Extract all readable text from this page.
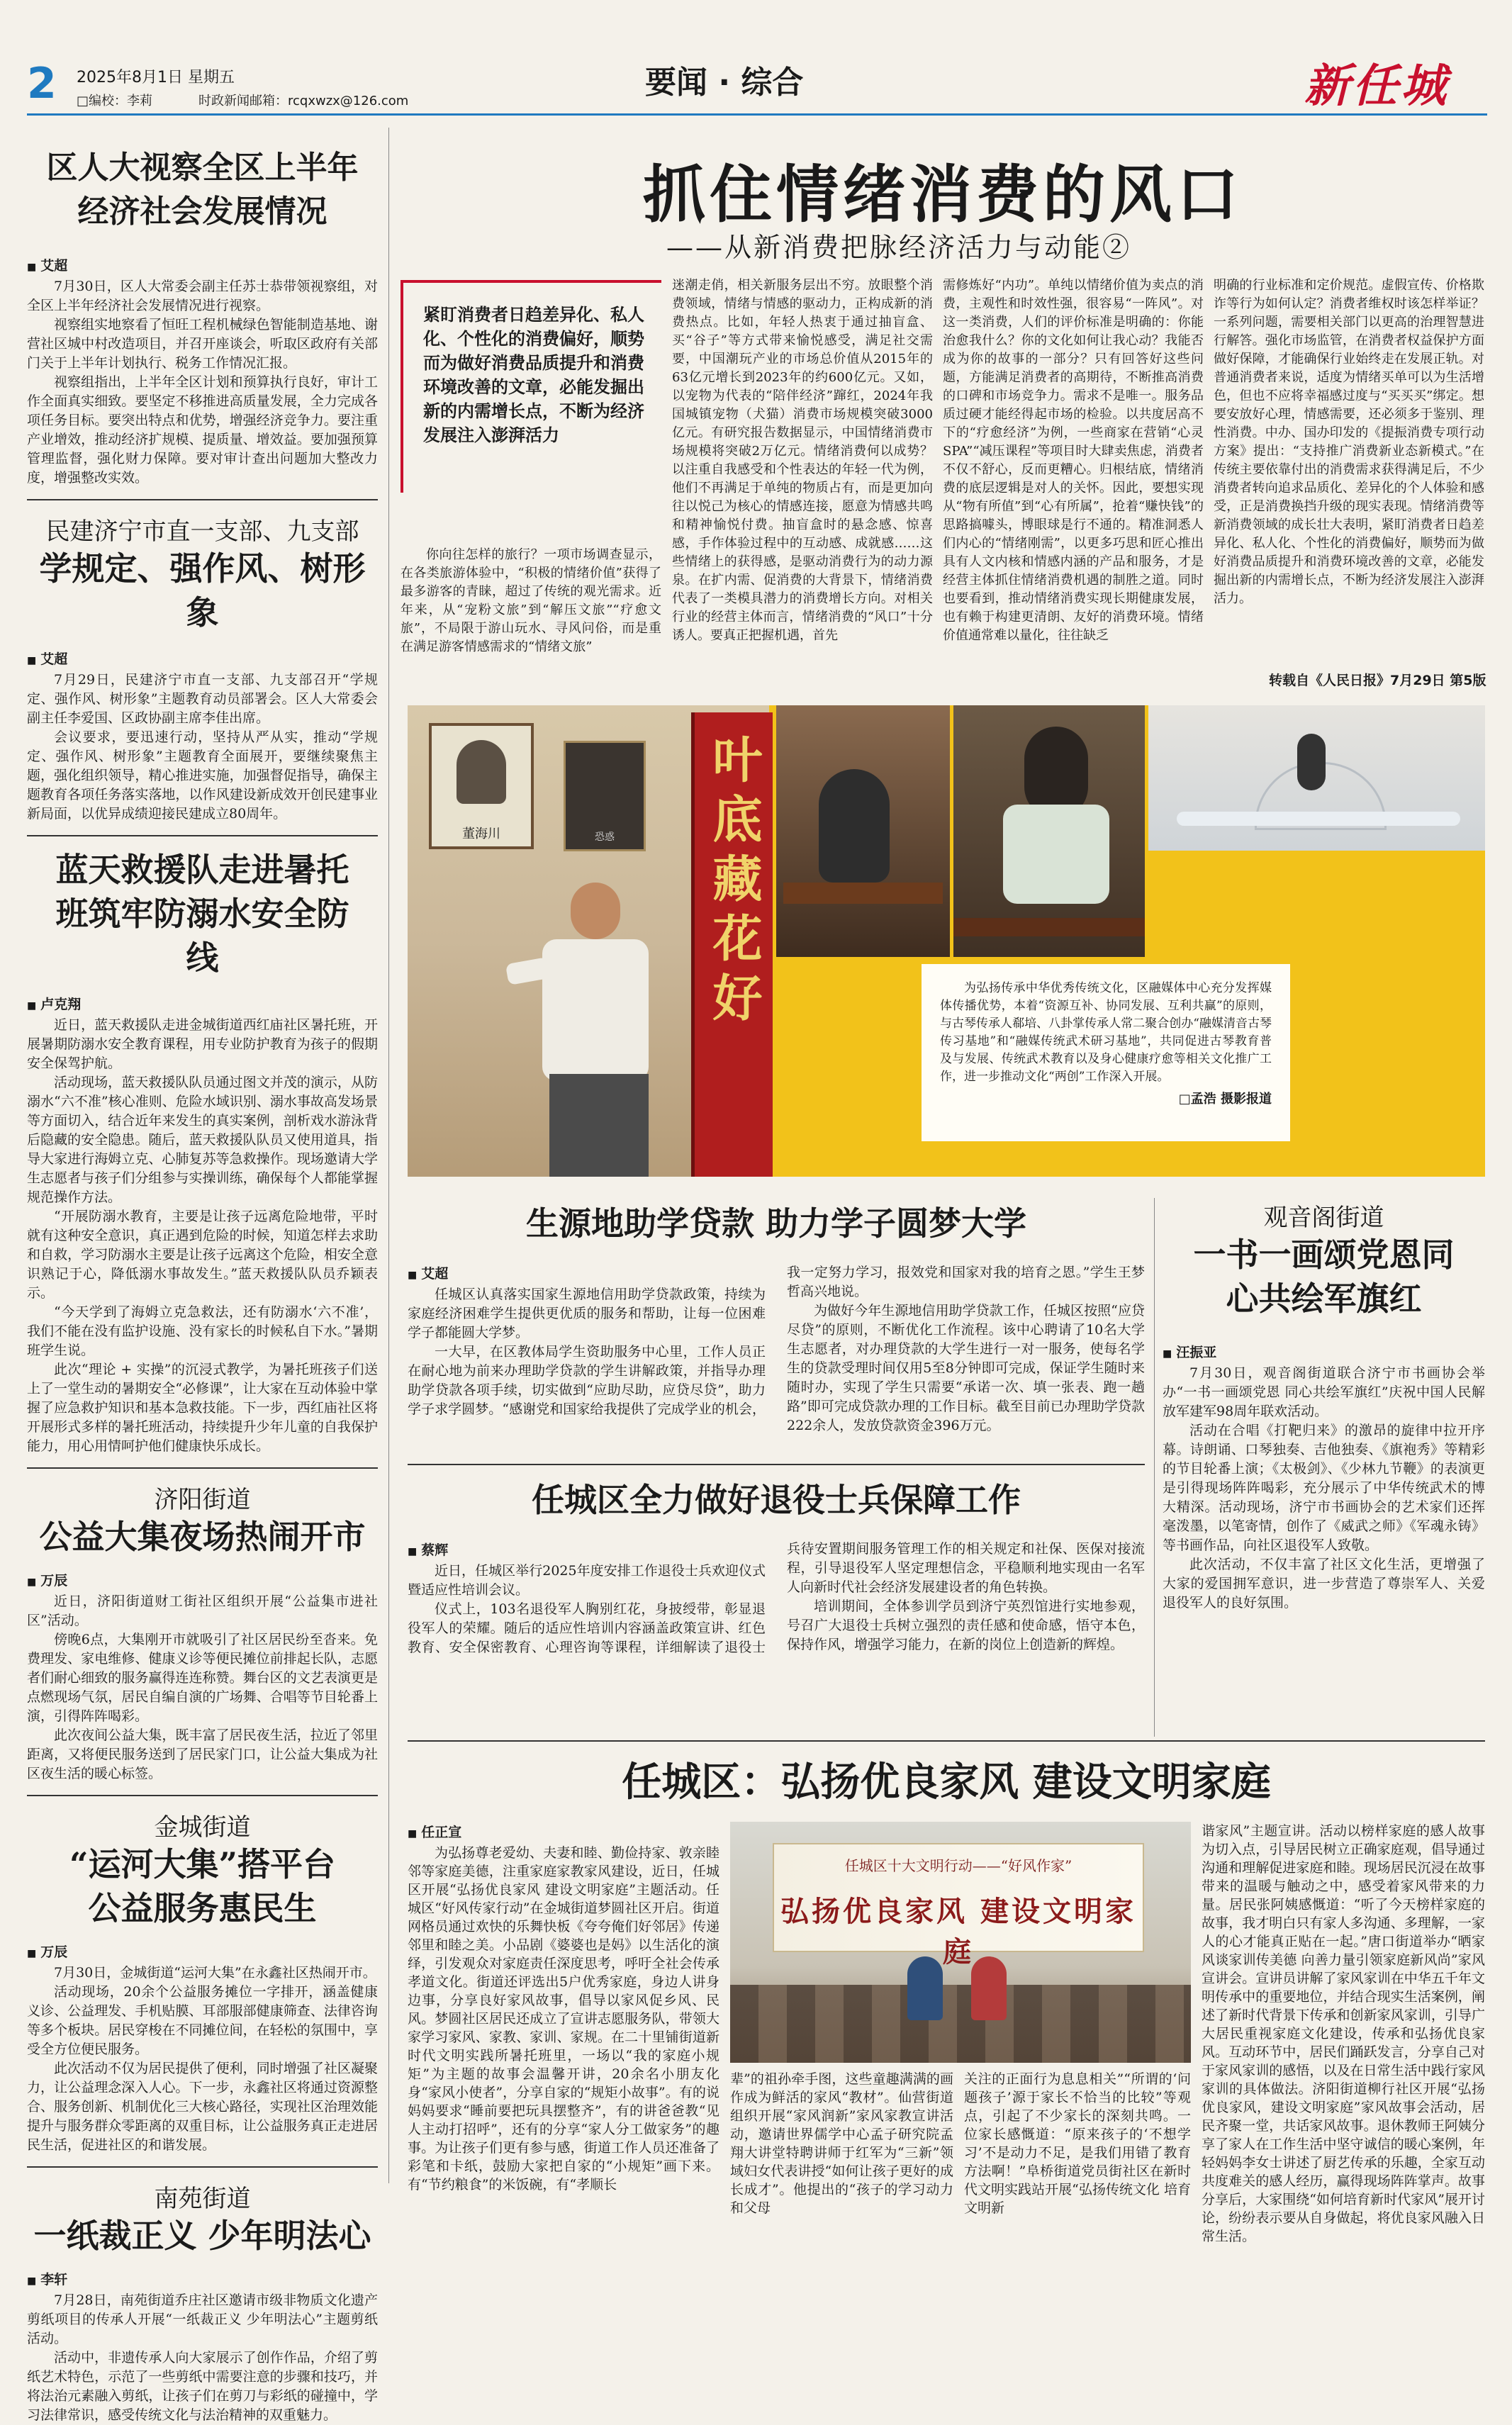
2 2025年8月1日 星期五
□编校：李莉	时政新闻邮箱：rcqxwzx@126.com
要闻 · 综合	新任城
区人大视察全区上半年经济社会发展情况

■ 艾超

7月30日，区人大常委会副主任苏士恭带领视察组，对全区上半年经济社会发展情况进行视察。

视察组实地察看了恒旺工程机械绿色智能制造基地、谢营社区城中村改造项目，并召开座谈会，听取区政府有关部门关于上半年计划执行、税务工作情况汇报。

视察组指出，上半年全区计划和预算执行良好，审计工作全面真实细致。要坚定不移推进高质量发展，全力完成各项任务目标。要突出特点和优势，增强经济竞争力。要注重产业增效，推动经济扩规模、提质量、增效益。要加强预算管理监督，强化财力保障。要对审计查出问题加大整改力度，增强整改实效。

民建济宁市直一支部、九支部

学规定、强作风、树形象

■ 艾超

7月29日，民建济宁市直一支部、九支部召开“学规定、强作风、树形象”主题教育动员部署会。区人大常委会副主任李爱国、区政协副主席李佳出席。

会议要求，要迅速行动，坚持从严从实，推动“学规定、强作风、树形象”主题教育全面展开，要继续聚焦主题，强化组织领导，精心推进实施，加强督促指导，确保主题教育各项任务落实落地，以作风建设新成效开创民建事业新局面，以优异成绩迎接民建成立80周年。

蓝天救援队走进暑托班筑牢防溺水安全防线

■ 卢克翔

近日，蓝天救援队走进金城街道西红庙社区暑托班，开展暑期防溺水安全教育课程，用专业防护教育为孩子的假期安全保驾护航。

活动现场，蓝天救援队队员通过图文并茂的演示，从防溺水“六不准”核心准则、危险水域识别、溺水事故高发场景等方面切入，结合近年来发生的真实案例，剖析戏水游泳背后隐藏的安全隐患。随后，蓝天救援队队员又使用道具，指导大家进行海姆立克、心肺复苏等急救操作。现场邀请大学生志愿者与孩子们分组参与实操训练，确保每个人都能掌握规范操作方法。

“开展防溺水教育，主要是让孩子远离危险地带，平时就有这种安全意识，真正遇到危险的时候，知道怎样去求助和自救，学习防溺水主要是让孩子远离这个危险，相安全意识熟记于心，降低溺水事故发生。”蓝天救援队队员乔颖表示。

“今天学到了海姆立克急救法，还有防溺水‘六不准’，我们不能在没有监护设施、没有家长的时候私自下水。”暑期班学生说。

此次“理论 + 实操”的沉浸式教学，为暑托班孩子们送上了一堂生动的暑期安全“必修课”，让大家在互动体验中掌握了应急救护知识和基本急救技能。下一步，西红庙社区将开展形式多样的暑托班活动，持续提升少年儿童的自我保护能力，用心用情呵护他们健康快乐成长。

济阳街道

公益大集夜场热闹开市

■ 万辰

近日，济阳街道财工街社区组织开展“公益集市进社区”活动。

傍晚6点，大集刚开市就吸引了社区居民纷至沓来。免费理发、家电维修、健康义诊等便民摊位前排起长队，志愿者们耐心细致的服务赢得连连称赞。舞台区的文艺表演更是点燃现场气氛，居民自编自演的广场舞、合唱等节目轮番上演，引得阵阵喝彩。

此次夜间公益大集，既丰富了居民夜生活，拉近了邻里距离，又将便民服务送到了居民家门口，让公益大集成为社区夜生活的暖心标签。

金城街道

“运河大集”搭平台公益服务惠民生

■ 万辰

7月30日，金城街道“运河大集”在永鑫社区热闹开市。

活动现场，20余个公益服务摊位一字排开，涵盖健康义诊、公益理发、手机贴膜、耳部服部健康筛查、法律咨询等多个板块。居民穿梭在不同摊位间，在轻松的氛围中，享受全方位便民服务。

此次活动不仅为居民提供了便利，同时增强了社区凝聚力，让公益理念深入人心。下一步，永鑫社区将通过资源整合、服务创新、机制优化三大核心路径，实现社区治理效能提升与服务群众零距离的双重目标，让公益服务真正走进居民生活，促进社区的和谐发展。

南苑街道

一纸裁正义 少年明法心

■ 李轩

7月28日，南苑街道乔庄社区邀请市级非物质文化遗产剪纸项目的传承人开展“一纸裁正义 少年明法心”主题剪纸活动。

活动中，非遗传承人向大家展示了创作作品，介绍了剪纸艺术特色，示范了一些剪纸中需要注意的步骤和技巧，并将法治元素融入剪纸，让孩子们在剪刀与彩纸的碰撞中，学习法律常识，感受传统文化与法治精神的双重魅力。

抓住情绪消费的风口
——从新消费把脉经济活力与动能②
紧盯消费者日趋差异化、私人化、个性化的消费偏好，顺势而为做好消费品质提升和消费环境改善的文章，必能发掘出新的内需增长点，不断为经济发展注入澎湃活力

你向往怎样的旅行？一项市场调查显示，在各类旅游体验中，“积极的情绪价值”获得了最多游客的青睐，超过了传统的观光需求。近年来，从“宠粉文旅”到“解压文旅”“疗愈文旅”，不局限于游山玩水、寻风问俗，而是重在满足游客情感需求的“情绪文旅”

迷潮走俏，相关新服务层出不穷。放眼整个消费领域，情绪与情感的驱动力，正构成新的消费热点。比如，年轻人热衷于通过抽盲盒、买“谷子”等方式带来愉悦感受，满足社交需要，中国潮玩产业的市场总价值从2015年的63亿元增长到2023年的约600亿元。又如，以宠物为代表的“陪伴经济”蹿红，2024年我国城镇宠物（犬猫）消费市场规模突破3000亿元。有研究报告数据显示，中国情绪消费市场规模将突破2万亿元。情绪消费何以成势？以注重自我感受和个性表达的年轻一代为例，他们不再满足于单纯的物质占有，而是更加向往以悦己为核心的情感连接，愿意为情感共鸣和精神愉悦付费。抽盲盒时的悬念感、惊喜感，手作体验过程中的互动感、成就感……这些情绪上的获得感，是驱动消费行为的动力源泉。在扩内需、促消费的大背景下，情绪消费代表了一类模具潜力的消费增长方向。对相关行业的经营主体而言，情绪消费的“风口”十分诱人。要真正把握机遇，首先

需修炼好“内功”。单纯以情绪价值为卖点的消费，主观性和时效性强，很容易“一阵风”。对这一类消费，人们的评价标准是明确的：你能治愈我什么？你的文化如何让我心动？我能否成为你的故事的一部分？只有回答好这些问题，方能满足消费者的高期待，不断推高消费的口碑和市场竞争力。需求不是唯一。服务品质过硬才能经得起市场的检验。以共度居高不下的“疗愈经济”为例，一些商家在营销“心灵SPA”“减压课程”等项目时大肆卖焦虑，消费者不仅不舒心，反而更糟心。归根结底，情绪消费的底层逻辑是对人的关怀。因此，要想实现从“物有所值”到“心有所属”，抢着“赚快钱”的思路搞噱头，博眼球是行不通的。精准洞悉人们内心的“情绪刚需”，以更多巧思和匠心推出具有人文内核和情感内涵的产品和服务，才是经营主体抓住情绪消费机遇的制胜之道。同时也要看到，推动情绪消费实现长期健康发展，也有赖于构建更清朗、友好的消费环境。情绪价值通常难以量化，往往缺乏

明确的行业标准和定价规范。虚假宣传、价格欺诈等行为如何认定？消费者维权时该怎样举证？一系列问题，需要相关部门以更高的治理智慧进行解答。强化市场监管，在消费者权益保护方面做好保障，才能确保行业始终走在发展正轨。对普通消费者来说，适度为情绪买单可以为生活增色，但也不应将幸福感过度与“买买买”绑定。想要安放好心理，情感需要，还必须多于鉴别、理性消费。中办、国办印发的《提振消费专项行动方案》提出：“支持推广消费新业态新模式。”在传统主要依靠付出的消费需求获得满足后，不少消费者转向追求品质化、差异化的个人体验和感受，正是消费换挡升级的现实表现。情绪消费等新消费领域的成长壮大表明，紧盯消费者日趋差异化、私人化、个性化的消费偏好，顺势而为做好消费品质提升和消费环境改善的文章，必能发掘出新的内需增长点，不断为经济发展注入澎湃活力。

转载自《人民日报》7月29日 第5版
董海川	恐惑	叶底藏花好	为弘扬传承中华优秀传统文化，区融媒体中心充分发挥媒体传播优势，本着“资源互补、协同发展、互利共赢”的原则，与古琴传承人郗培、八卦掌传承人常二聚合创办“融媒清音古琴传习基地”和“融媒传统武术研习基地”，共同促进古琴教育普及与发展、传统武术教育以及身心健康疗愈等相关文化推广工作，进一步推动文化“两创”工作深入开展。
□孟浩 摄影报道
生源地助学贷款 助力学子圆梦大学

■ 艾超

任城区认真落实国家生源地信用助学贷款政策，持续为家庭经济困难学生提供更优质的服务和帮助，让每一位困难学子都能圆大学梦。

一大早，在区教体局学生资助服务中心里，工作人员正在耐心地为前来办理助学贷款的学生讲解政策，并指导办理助学贷款各项手续，切实做到“应助尽助，应贷尽贷”，助力学子求学圆梦。“感谢党和国家给我提供了完成学业的机会，我一定努力学习，报效党和国家对我的培育之恩。”学生王梦哲高兴地说。

为做好今年生源地信用助学贷款工作，任城区按照“应贷尽贷”的原则，不断优化工作流程。该中心聘请了10名大学生志愿者，对办理贷款的大学生进行一对一服务，使每名学生的贷款受理时间仅用5至8分钟即可完成，保证学生随时来随时办，实现了学生只需要“承诺一次、填一张表、跑一趟路”即可完成贷款办理的工作目标。截至目前已办理助学贷款222余人，发放贷款资金396万元。

观音阁街道

一书一画颂党恩同心共绘军旗红

■ 汪振亚

7月30日，观音阁街道联合济宁市书画协会举办“一书一画颂党恩 同心共绘军旗红”庆祝中国人民解放军建军98周年联欢活动。

活动在合唱《打靶归来》的激昂的旋律中拉开序幕。诗朗诵、口琴独奏、吉他独奏、《旗袍秀》等精彩的节目轮番上演；《太极剑》、《少林九节鞭》的表演更是引得现场阵阵喝彩，充分展示了中华传统武术的博大精深。活动现场，济宁市书画协会的艺术家们还挥毫泼墨，以笔寄情，创作了《威武之师》《军魂永铸》等书画作品，向社区退役军人致敬。

此次活动，不仅丰富了社区文化生活，更增强了大家的爱国拥军意识，进一步营造了尊崇军人、关爱退役军人的良好氛围。

任城区全力做好退役士兵保障工作

■ 蔡辉

近日，任城区举行2025年度安排工作退役士兵欢迎仪式暨适应性培训会议。

仪式上，103名退役军人胸别红花，身披绶带，彰显退役军人的荣耀。随后的适应性培训内容涵盖政策宣讲、红色教育、安全保密教育、心理咨询等课程，详细解读了退役士兵待安置期间服务管理工作的相关规定和社保、医保对接流程，引导退役军人坚定理想信念，平稳顺利地实现由一名军人向新时代社会经济发展建设者的角色转换。

培训期间，全体参训学员到济宁英烈馆进行实地参观，号召广大退役士兵树立强烈的责任感和使命感，悟守本色，保持作风，增强学习能力，在新的岗位上创造新的辉煌。

任城区：弘扬优良家风 建设文明家庭

■ 任正宣

为弘扬尊老爱幼、夫妻和睦、勤俭持家、敦亲睦邻等家庭美德，注重家庭家教家风建设，近日，任城区开展“弘扬优良家风 建设文明家庭”主题活动。任城区“好风传家行动”在金城街道梦圆社区开启。街道网格员通过欢快的乐舞快板《夸夸俺们好邻居》传递邻里和睦之美。小品剧《婆婆也是妈》以生活化的演绎，引发观众对家庭责任深度思考，呼吁全社会传承孝道文化。街道还评选出5户优秀家庭，身边人讲身边事，分享良好家风故事，倡导以家风促乡风、民风。梦圆社区居民还成立了宣讲志愿服务队，带领大家学习家风、家教、家训、家规。在二十里铺街道新时代文明实践所暑托班里，一场以“我的家庭小规矩”为主题的故事会温馨开讲，20余名小朋友化身“家风小使者”，分享自家的“规矩小故事”。有的说妈妈要求“睡前要把玩具摆整齐”，有的讲爸爸教“见人主动打招呼”，还有的分享“家人分工做家务”的趣事。为让孩子们更有参与感，街道工作人员还准备了彩笔和卡纸，鼓励大家把自家的“小规矩”画下来。有“节约粮食”的米饭碗，有“孝顺长

任城区十大文明行动——“好风作家”
弘扬优良家风 建设文明家庭

辈”的祖孙牵手图，这些童趣满满的画作成为鲜活的家风“教材”。仙营街道组织开展“家风润新”家风家教宣讲活动，邀请世界儒学中心孟子研究院孟翔大讲堂特聘讲师于红军为“三新”领域妇女代表讲授“如何让孩子更好的成长成才”。他提出的“孩子的学习动力和父母

关注的正面行为息息相关”“所谓的‘问题孩子’源于家长不恰当的比较”等观点，引起了不少家长的深刻共鸣。一位家长感慨道：“原来孩子的‘不想学习’不是动力不足，是我们用错了教育方法啊！”阜桥街道党员街社区在新时代文明实践站开展“弘扬传统文化 培育文明新

谐家风”主题宣讲。活动以榜样家庭的感人故事为切入点，引导居民树立正确家庭观，倡导通过沟通和理解促进家庭和睦。现场居民沉浸在故事带来的温暖与触动之中，感受着家风带来的力量。居民张阿姨感慨道：“听了今天榜样家庭的故事，我才明白只有家人多沟通、多理解，一家人的心才能真正贴在一起。”唐口街道举办“晒家风谈家训传美德 向善力量引领家庭新风尚”家风宣讲会。宣讲员讲解了家风家训在中华五千年文明传承中的重要地位，并结合现实生活案例，阐述了新时代背景下传承和创新家风家训，引导广大居民重视家庭文化建设，传承和弘扬优良家风。互动环节中，居民们踊跃发言，分享自己对于家风家训的感悟，以及在日常生活中践行家风家训的具体做法。济阳街道柳行社区开展“弘扬优良家风，建设文明家庭”家风故事会活动，居民齐聚一堂，共话家风故事。退休教师王阿姨分享了家人在工作生活中坚守诚信的暖心案例，年轻妈妈李女士讲述了厨艺传承的乐趣，全家互动共度难关的感人经历，赢得现场阵阵掌声。故事分享后，大家围绕“如何培育新时代家风”展开讨论，纷纷表示要从自身做起，将优良家风融入日常生活。
